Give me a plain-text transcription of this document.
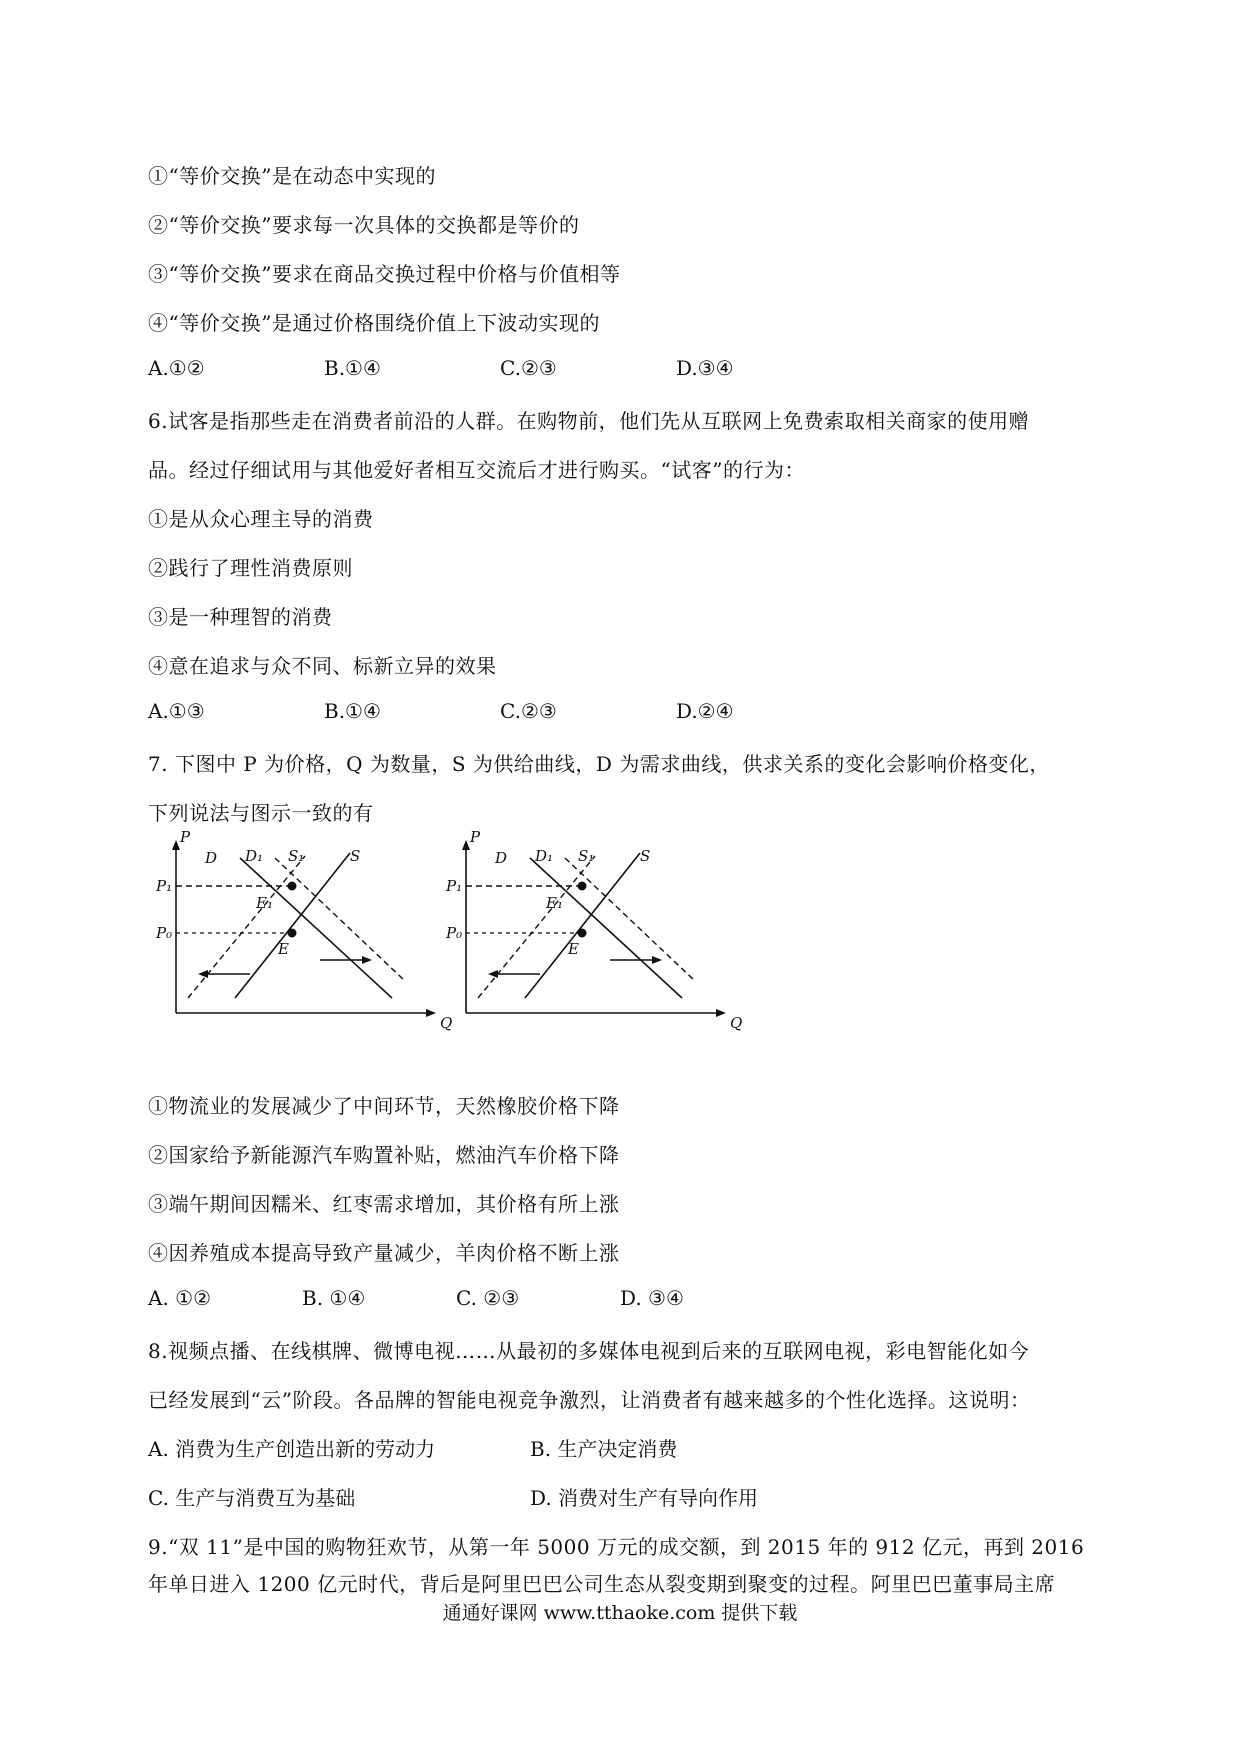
①“等价交换”是在动态中实现的
②“等价交换”要求每一次具体的交换都是等价的
③“等价交换”要求在商品交换过程中价格与价值相等
④“等价交换”是通过价格围绕价值上下波动实现的
A.①②	B.①④	C.②③	D.③④
6.试客是指那些走在消费者前沿的人群。在购物前，他们先从互联网上免费索取相关商家的使用赠
品。经过仔细试用与其他爱好者相互交流后才进行购买。“试客”的行为：
①是从众心理主导的消费
②践行了理性消费原则
③是一种理智的消费
④意在追求与众不同、标新立异的效果
A.①③	B.①④	C.②③	D.②④
7. 下图中 P 为价格，Q 为数量，S 为供给曲线，D 为需求曲线，供求关系的变化会影响价格变化，
下列说法与图示一致的有
P
Q
P₁
P₀
D D₁ S₁	S
E₁
E
P
Q
P₁
P₀
D D₁ S₁	S
E₁
E
①物流业的发展减少了中间环节，天然橡胶价格下降
②国家给予新能源汽车购置补贴，燃油汽车价格下降
③端午期间因糯米、红枣需求增加，其价格有所上涨
④因养殖成本提高导致产量减少，羊肉价格不断上涨
A. ①②	B. ①④	C. ②③	D. ③④
8.视频点播、在线棋牌、微博电视……从最初的多媒体电视到后来的互联网电视，彩电智能化如今
已经发展到“云”阶段。各品牌的智能电视竞争激烈，让消费者有越来越多的个性化选择。这说明：
A. 消费为生产创造出新的劳动力	B. 生产决定消费
C. 生产与消费互为基础	D. 消费对生产有导向作用
9.“双 11”是中国的购物狂欢节，从第一年 5000 万元的成交额，到 2015 年的 912 亿元，再到 2016
年单日进入 1200 亿元时代，背后是阿里巴巴公司生态从裂变期到聚变的过程。阿里巴巴董事局主席
通通好课网 www.tthaoke.com 提供下载
